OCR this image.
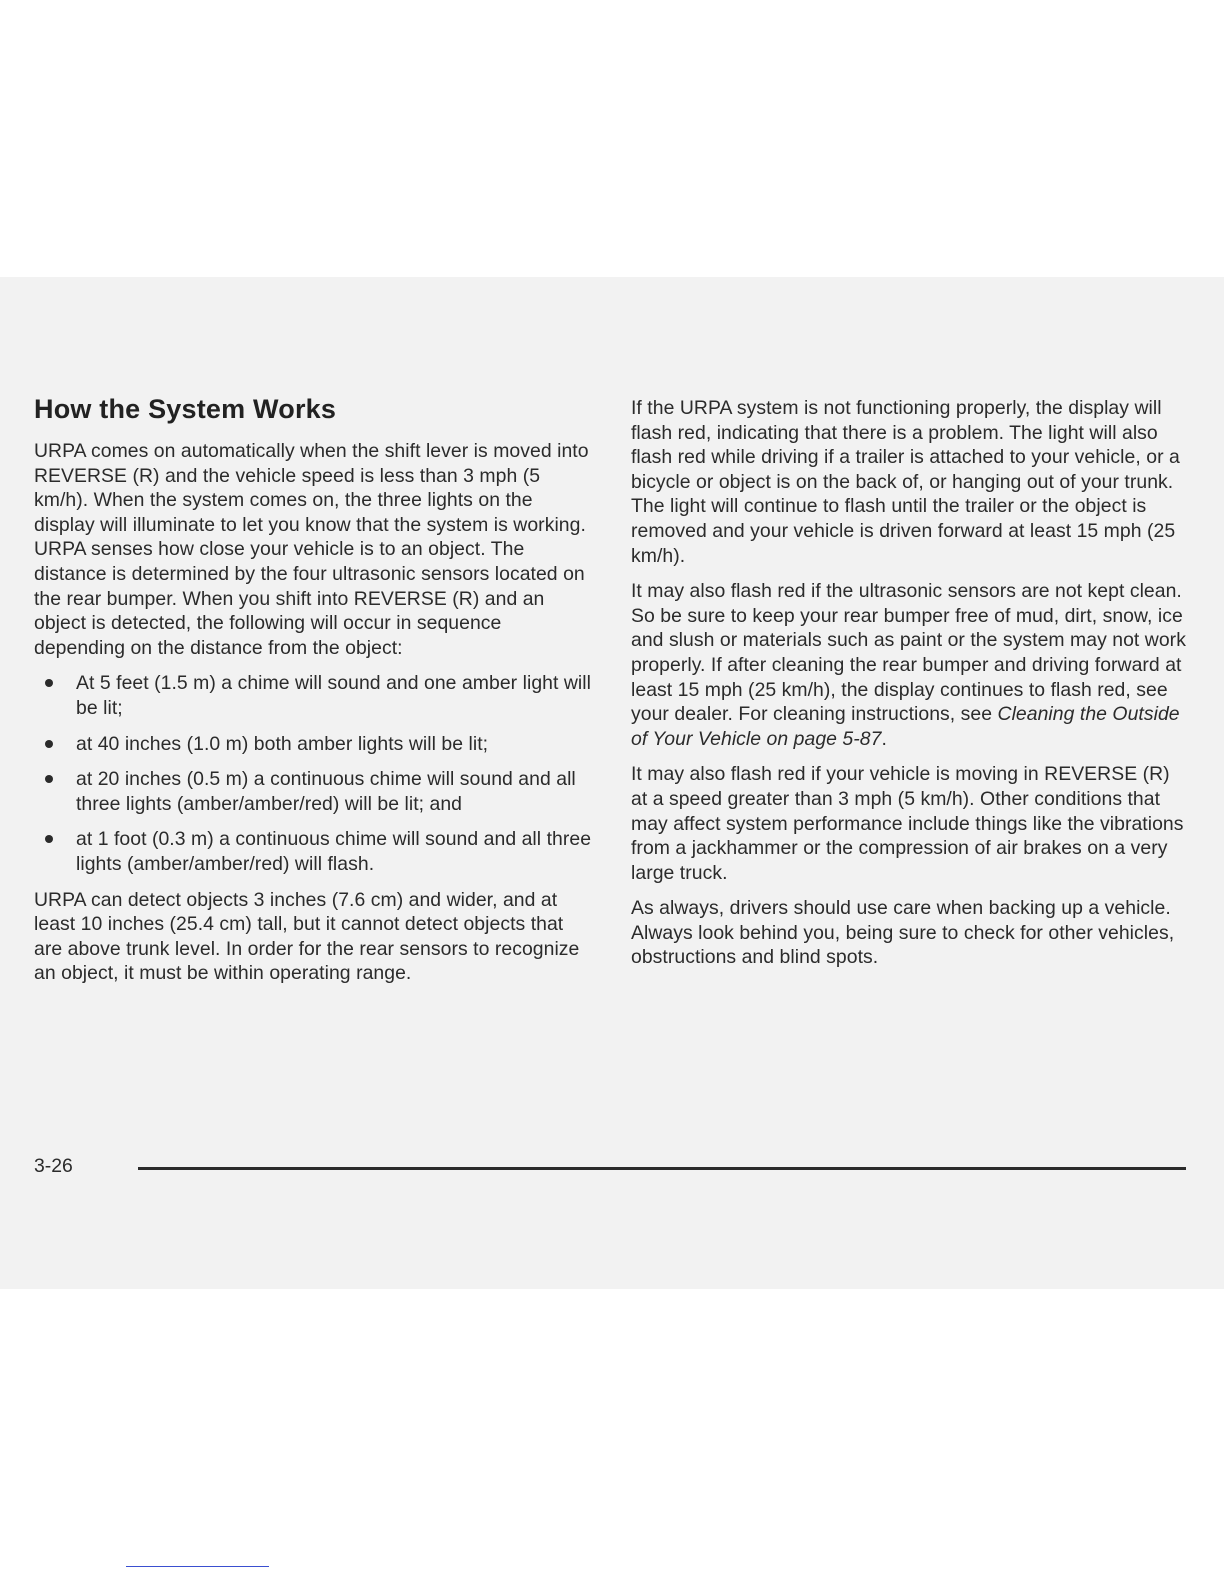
How the System Works

URPA comes on automatically when the shift lever is moved into REVERSE (R) and the vehicle speed is less than 3 mph (5 km/h). When the system comes on, the three lights on the display will illuminate to let you know that the system is working. URPA senses how close your vehicle is to an object. The distance is determined by the four ultrasonic sensors located on the rear bumper. When you shift into REVERSE (R) and an object is detected, the following will occur in sequence depending on the distance from the object:

At 5 feet (1.5 m) a chime will sound and one amber light will be lit;
at 40 inches (1.0 m) both amber lights will be lit;
at 20 inches (0.5 m) a continuous chime will sound and all three lights (amber/amber/red) will be lit; and
at 1 foot (0.3 m) a continuous chime will sound and all three lights (amber/amber/red) will flash.

URPA can detect objects 3 inches (7.6 cm) and wider, and at least 10 inches (25.4 cm) tall, but it cannot detect objects that are above trunk level. In order for the rear sensors to recognize an object, it must be within operating range.

If the URPA system is not functioning properly, the display will flash red, indicating that there is a problem. The light will also flash red while driving if a trailer is attached to your vehicle, or a bicycle or object is on the back of, or hanging out of your trunk. The light will continue to flash until the trailer or the object is removed and your vehicle is driven forward at least 15 mph (25 km/h).

It may also flash red if the ultrasonic sensors are not kept clean. So be sure to keep your rear bumper free of mud, dirt, snow, ice and slush or materials such as paint or the system may not work properly. If after cleaning the rear bumper and driving forward at least 15 mph (25 km/h), the display continues to flash red, see your dealer. For cleaning instructions, see Cleaning the Outside of Your Vehicle on page 5-87.

It may also flash red if your vehicle is moving in REVERSE (R) at a speed greater than 3 mph (5 km/h). Other conditions that may affect system performance include things like the vibrations from a jackhammer or the compression of air brakes on a very large truck.

As always, drivers should use care when backing up a vehicle. Always look behind you, being sure to check for other vehicles, obstructions and blind spots.

3-26
